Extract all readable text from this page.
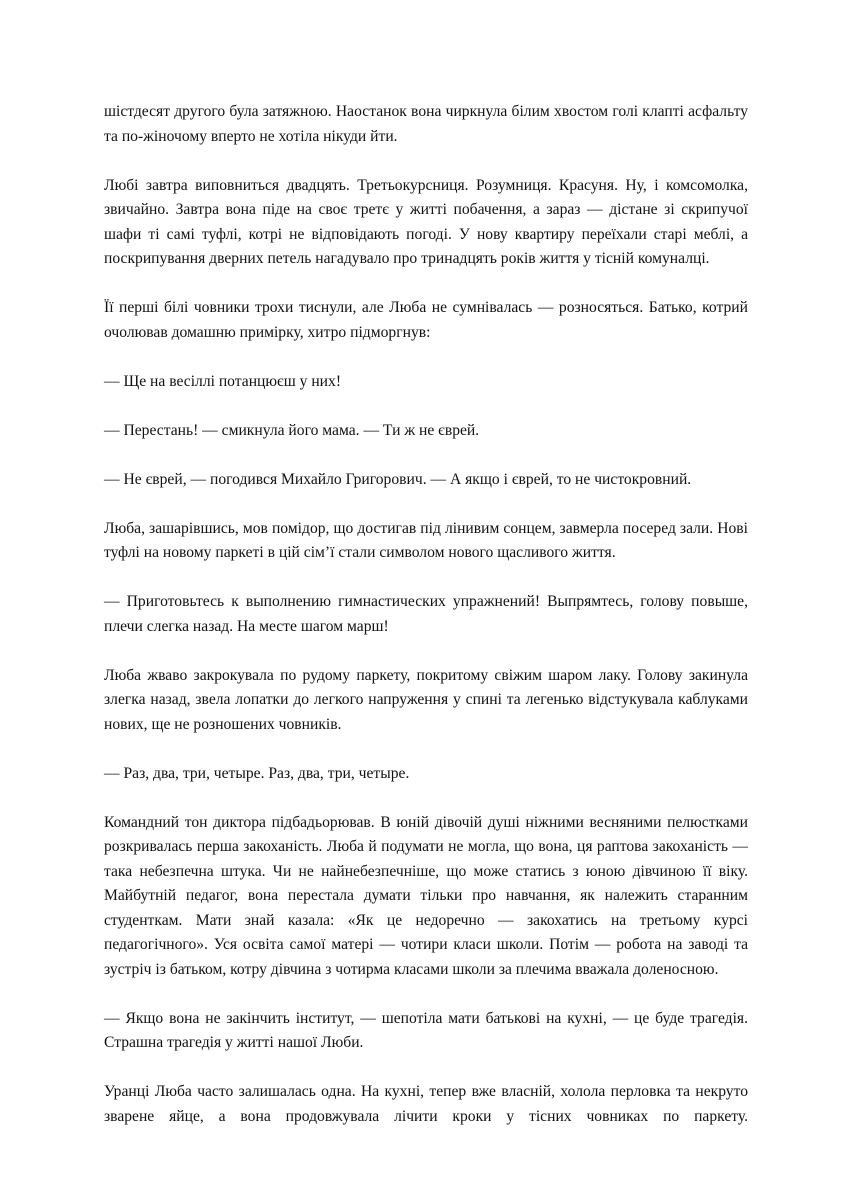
шістдесят другого була затяжною. Наостанок вона чиркнула білим хвостом голі клапті асфальту та по-жіночому вперто не хотіла нікуди йти.

Любі завтра виповниться двадцять. Третьокурсниця. Розумниця. Красуня. Ну, і комсомолка, звичайно. Завтра вона піде на своє третє у житті побачення, а зараз — дістане зі скрипучої шафи ті самі туфлі, котрі не відповідають погоді. У нову квартиру переїхали старі меблі, а поскрипування дверних петель нагадувало про тринадцять років життя у тісній комуналці.

Її перші білі човники трохи тиснули, але Люба не сумнівалась — розносяться. Батько, котрий очолював домашню примірку, хитро підморгнув:

— Ще на весіллі потанцюєш у них!

— Перестань! — смикнула його мама. — Ти ж не єврей.

— Не єврей, — погодився Михайло Григорович. — А якщо і єврей, то не чистокровний.

Люба, зашарівшись, мов помідор, що достигав під лінивим сонцем, завмерла посеред зали. Нові туфлі на новому паркеті в цій сім’ї стали символом нового щасливого життя.

— Приготовьтесь к выполнению гимнастических упражнений! Выпрямтесь, голову повыше, плечи слегка назад. На месте шагом марш!

Люба жваво закрокувала по рудому паркету, покритому свіжим шаром лаку. Голову закинула злегка назад, звела лопатки до легкого напруження у спині та легенько відстукувала каблуками нових, ще не розношених човників.

— Раз, два, три, четыре. Раз, два, три, четыре.

Командний тон диктора підбадьорював. В юній дівочій душі ніжними весняними пелюстками розкривалась перша закоханість. Люба й подумати не могла, що вона, ця раптова закоханість — така небезпечна штука. Чи не найнебезпечніше, що може статись з юною дівчиною її віку. Майбутній педагог, вона перестала думати тільки про навчання, як належить старанним студенткам. Мати знай казала: «Як це недоречно — закохатись на третьому курсі педагогічного». Уся освіта самої матері — чотири класи школи. Потім — робота на заводі та зустріч із батьком, котру дівчина з чотирма класами школи за плечима вважала доленосною.

— Якщо вона не закінчить інститут, — шепотіла мати батькові на кухні, — це буде трагедія. Страшна трагедія у житті нашої Люби.

Уранці Люба часто залишалась одна. На кухні, тепер вже власній, холола перловка та некруто зварене яйце, а вона продовжувала лічити кроки у тісних човниках по паркету.
